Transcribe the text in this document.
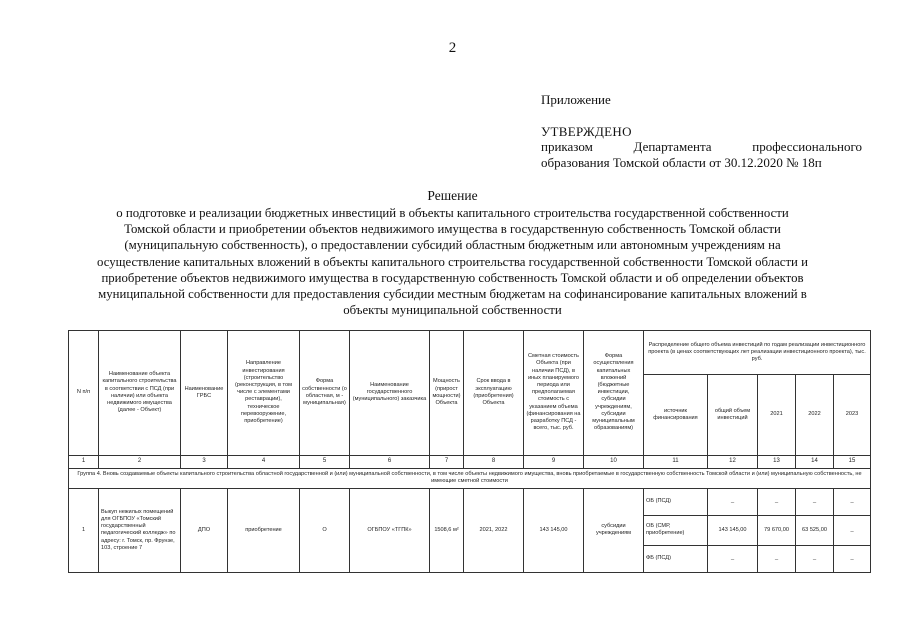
2
Приложение
УТВЕРЖДЕНО
приказом	Департамента	профессионального
образования Томской области от 30.12.2020 № 18п
Решение
о подготовке и реализации бюджетных инвестиций в объекты капитального строительства государственной собственности
Томской области и приобретении объектов недвижимого имущества в государственную собственность Томской области
(муниципальную собственность), о предоставлении субсидий областным бюджетным или автономным учреждениям на
осуществление капитальных вложений в объекты капитального строительства государственной собственности Томской области и
приобретение объектов недвижимого имущества в государственную собственность Томской области и об определении объектов
муниципальной собственности для предоставления субсидии местным бюджетам на софинансирование капитальных вложений в
объекты муниципальной собственности
N п/п	Наименование объекта капитального строительства в соответствии с ПСД (при наличии) или объекта недвижимого имущества (далее - Объект)	Наименование ГРБС	Направление инвестирования (строительство (реконструкция, в том числе с элементами реставрации), техническое перевооружение, приобретение)	Форма собственности (о областная, м - муниципальная)	Наименование государственного (муниципального) заказчика	Мощность (прирост мощности) Объекта	Срок ввода в эксплуатацию (приобретения) Объекта	Сметная стоимость Объекта (при наличии ПСД), в иных планируемого периода или предполагаемая стоимость с указанием объема (финансирования на разработку ПСД - всего, тыс. руб.	Форма осуществления капитальных вложений (бюджетные инвестиции, субсидии учреждениям, субсидии муниципальным образованиям)	Распределение общего объема инвестиций по годам реализации инвестиционного проекта (в ценах соответствующих лет реализации инвестиционного проекта), тыс. руб.				
										источник финансирования	общий объем инвестиций	2021	2022	2023
1	2	3	4	5	6	7	8	9	10	11	12	13	14	15
Группа 4. Вновь создаваемые объекты капитального строительства областной государственной и (или) муниципальной собственности, в том числе объекты недвижимого имущества, вновь приобретаемые в государственную собственность Томской области и (или) муниципальную собственность, не имеющие сметной стоимости														
1	Выкуп нежилых помещений для ОГБПОУ «Томский государственный педагогический колледж» по адресу: г. Томск, пр. Фрунзе, 103, строение 7	ДПО	приобретение	О	ОГБПОУ «ТГПК»	1508,6 м²	2021, 2022	143 145,00	субсидии учреждениям	ОБ (ПСД)	_	_	_	_
										ОБ (СМР, приобретение)	143 145,00	79 670,00	63 525,00	_
										ФБ (ПСД)	_	_	_	_
